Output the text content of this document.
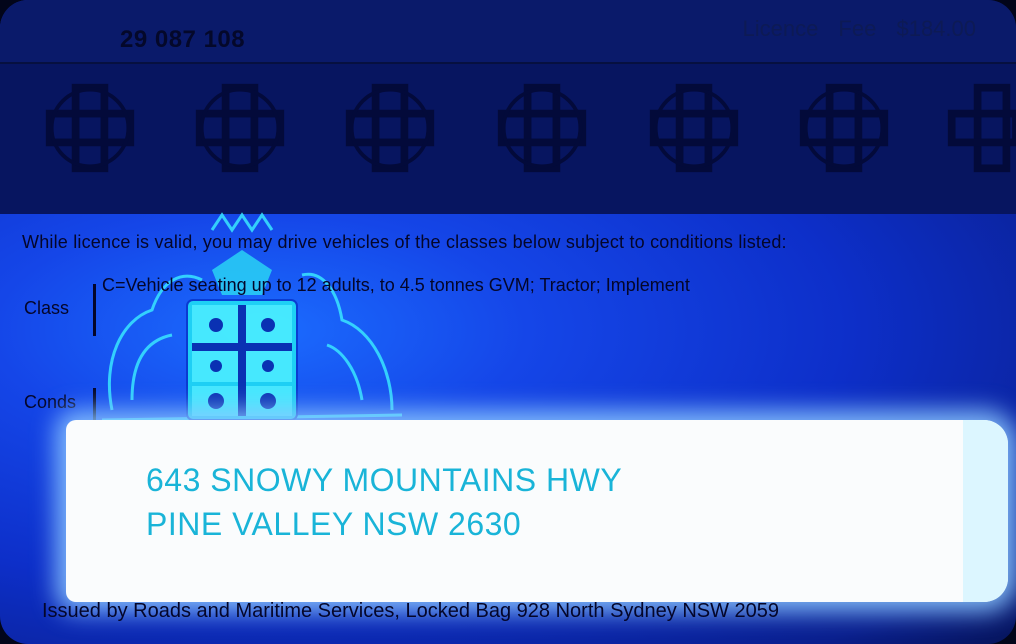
29 087 108	Licence Fee $184.00
While licence is valid, you may drive vehicles of the classes below subject to conditions listed:
Class
C=Vehicle seating up to 12 adults, to 4.5 tonnes GVM; Tractor; Implement
Conds
643 SNOWY MOUNTAINS HWY
PINE VALLEY NSW 2630
Issued by Roads and Maritime Services, Locked Bag 928 North Sydney NSW 2059
